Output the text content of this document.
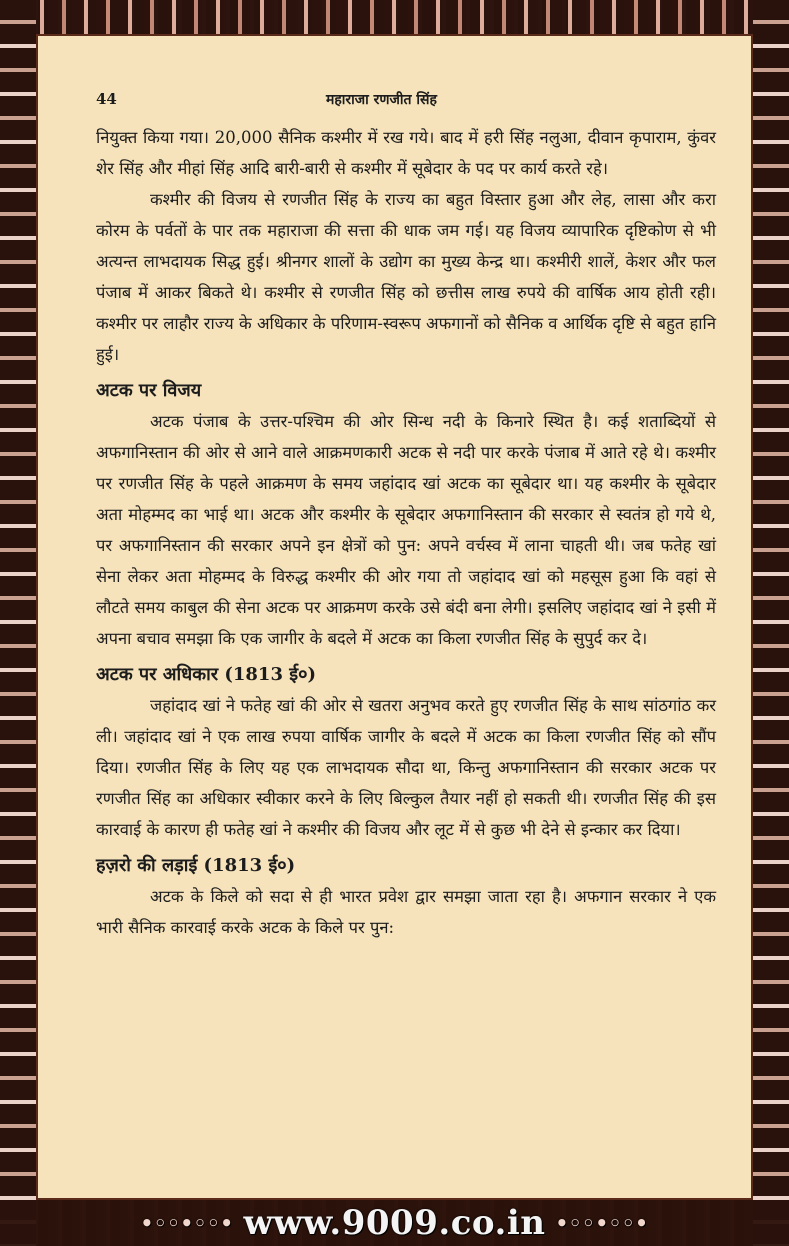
44	महाराजा रणजीत सिंह
नियुक्त किया गया। 20,000 सैनिक कश्मीर में रख गये। बाद में हरी सिंह नलुआ, दीवान कृपाराम, कुंवर शेर सिंह और मीहां सिंह आदि बारी-बारी से कश्मीर में सूबेदार के पद पर कार्य करते रहे।
कश्मीर की विजय से रणजीत सिंह के राज्य का बहुत विस्तार हुआ और लेह, लासा और करा कोरम के पर्वतों के पार तक महाराजा की सत्ता की धाक जम गई। यह विजय व्यापारिक दृष्टिकोण से भी अत्यन्त लाभदायक सिद्ध हुई। श्रीनगर शालों के उद्योग का मुख्य केन्द्र था। कश्मीरी शालें, केशर और फल पंजाब में आकर बिकते थे। कश्मीर से रणजीत सिंह को छत्तीस लाख रुपये की वार्षिक आय होती रही। कश्मीर पर लाहौर राज्य के अधिकार के परिणाम-स्वरूप अफगानों को सैनिक व आर्थिक दृष्टि से बहुत हानि हुई।
अटक पर विजय
अटक पंजाब के उत्तर-पश्चिम की ओर सिन्ध नदी के किनारे स्थित है। कई शताब्दियों से अफगानिस्तान की ओर से आने वाले आक्रमणकारी अटक से नदी पार करके पंजाब में आते रहे थे। कश्मीर पर रणजीत सिंह के पहले आक्रमण के समय जहांदाद खां अटक का सूबेदार था। यह कश्मीर के सूबेदार अता मोहम्मद का भाई था। अटक और कश्मीर के सूबेदार अफगानिस्तान की सरकार से स्वतंत्र हो गये थे, पर अफगानिस्तान की सरकार अपने इन क्षेत्रों को पुन: अपने वर्चस्व में लाना चाहती थी। जब फतेह खां सेना लेकर अता मोहम्मद के विरुद्ध कश्मीर की ओर गया तो जहांदाद खां को महसूस हुआ कि वहां से लौटते समय काबुल की सेना अटक पर आक्रमण करके उसे बंदी बना लेगी। इसलिए जहांदाद खां ने इसी में अपना बचाव समझा कि एक जागीर के बदले में अटक का किला रणजीत सिंह के सुपुर्द कर दे।
अटक पर अधिकार (1813 ई०)
जहांदाद खां ने फतेह खां की ओर से खतरा अनुभव करते हुए रणजीत सिंह के साथ सांठगांठ कर ली। जहांदाद खां ने एक लाख रुपया वार्षिक जागीर के बदले में अटक का किला रणजीत सिंह को सौंप दिया। रणजीत सिंह के लिए यह एक लाभदायक सौदा था, किन्तु अफगानिस्तान की सरकार अटक पर रणजीत सिंह का अधिकार स्वीकार करने के लिए बिल्कुल तैयार नहीं हो सकती थी। रणजीत सिंह की इस कारवाई के कारण ही फतेह खां ने कश्मीर की विजय और लूट में से कुछ भी देने से इन्कार कर दिया।
हज़रो की लड़ाई (1813 ई०)
अटक के किले को सदा से ही भारत प्रवेश द्वार समझा जाता रहा है। अफगान सरकार ने एक भारी सैनिक कारवाई करके अटक के किले पर पुन:
•◦◦•◦◦• www.9009.co.in •◦◦•◦◦•
